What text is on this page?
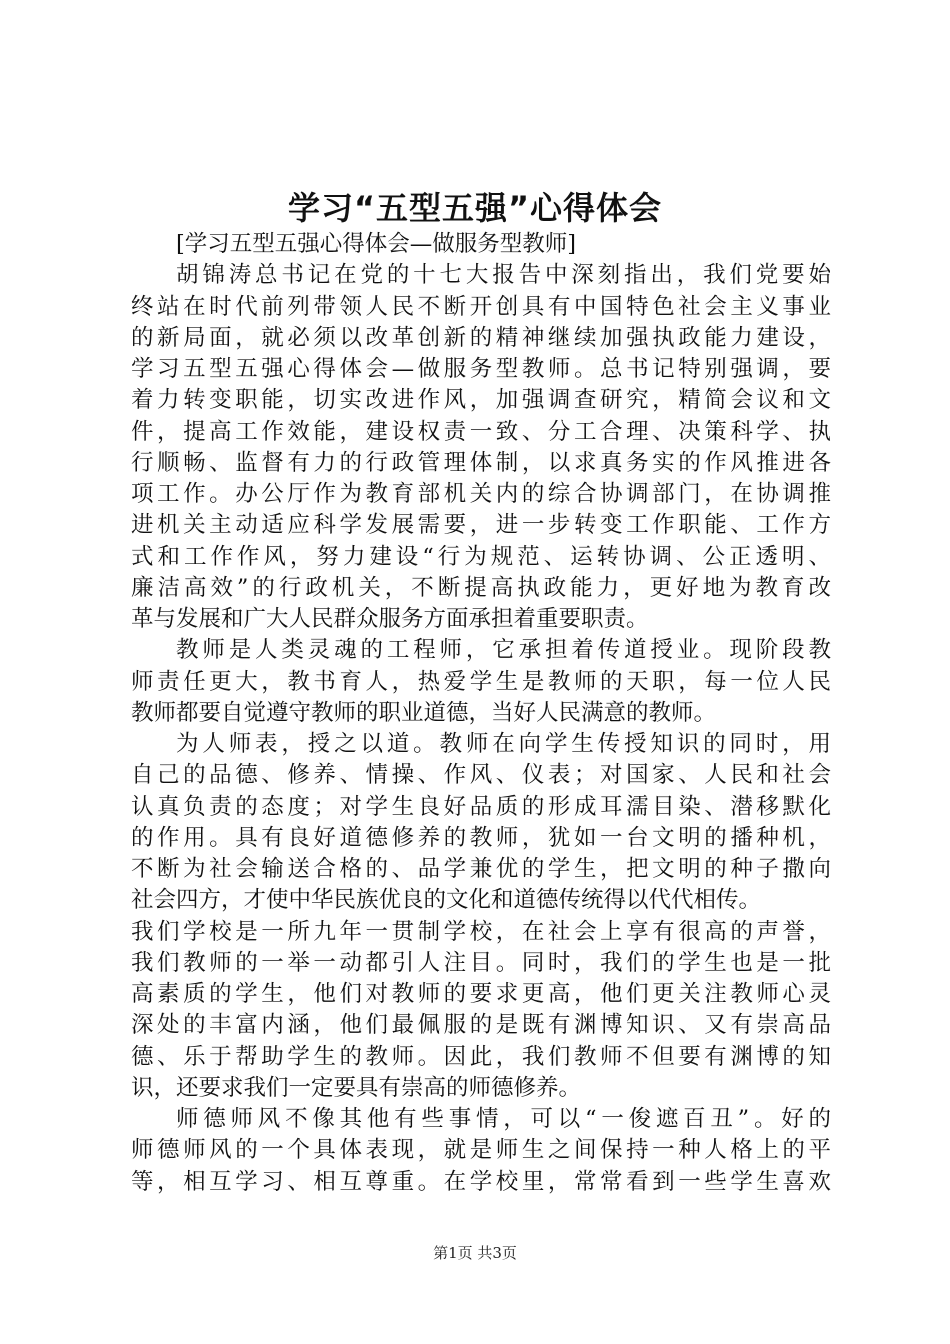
学习“五型五强”心得体会
[学习五型五强心得体会—做服务型教师]
胡锦涛总书记在党的十七大报告中深刻指出，我们党要始
终站在时代前列带领人民不断开创具有中国特色社会主义事业
的新局面，就必须以改革创新的精神继续加强执政能力建设，
学习五型五强心得体会—做服务型教师。总书记特别强调，要
着力转变职能，切实改进作风，加强调查研究，精简会议和文
件，提高工作效能，建设权责一致、分工合理、决策科学、执
行顺畅、监督有力的行政管理体制，以求真务实的作风推进各
项工作。办公厅作为教育部机关内的综合协调部门，在协调推
进机关主动适应科学发展需要，进一步转变工作职能、工作方
式和工作作风，努力建设“行为规范、运转协调、公正透明、
廉洁高效”的行政机关，不断提高执政能力，更好地为教育改
革与发展和广大人民群众服务方面承担着重要职责。
教师是人类灵魂的工程师，它承担着传道授业。现阶段教
师责任更大，教书育人，热爱学生是教师的天职，每一位人民
教师都要自觉遵守教师的职业道德，当好人民满意的教师。
为人师表，授之以道。教师在向学生传授知识的同时，用
自己的品德、修养、情操、作风、仪表；对国家、人民和社会
认真负责的态度；对学生良好品质的形成耳濡目染、潜移默化
的作用。具有良好道德修养的教师，犹如一台文明的播种机，
不断为社会输送合格的、品学兼优的学生，把文明的种子撒向
社会四方，才使中华民族优良的文化和道德传统得以代代相传。
我们学校是一所九年一贯制学校，在社会上享有很高的声誉，
我们教师的一举一动都引人注目。同时，我们的学生也是一批
高素质的学生，他们对教师的要求更高，他们更关注教师心灵
深处的丰富内涵，他们最佩服的是既有渊博知识、又有崇高品
德、乐于帮助学生的教师。因此，我们教师不但要有渊博的知
识，还要求我们一定要具有崇高的师德修养。
师德师风不像其他有些事情，可以“一俊遮百丑”。好的
师德师风的一个具体表现，就是师生之间保持一种人格上的平
等，相互学习、相互尊重。在学校里，常常看到一些学生喜欢
第1页 共3页
